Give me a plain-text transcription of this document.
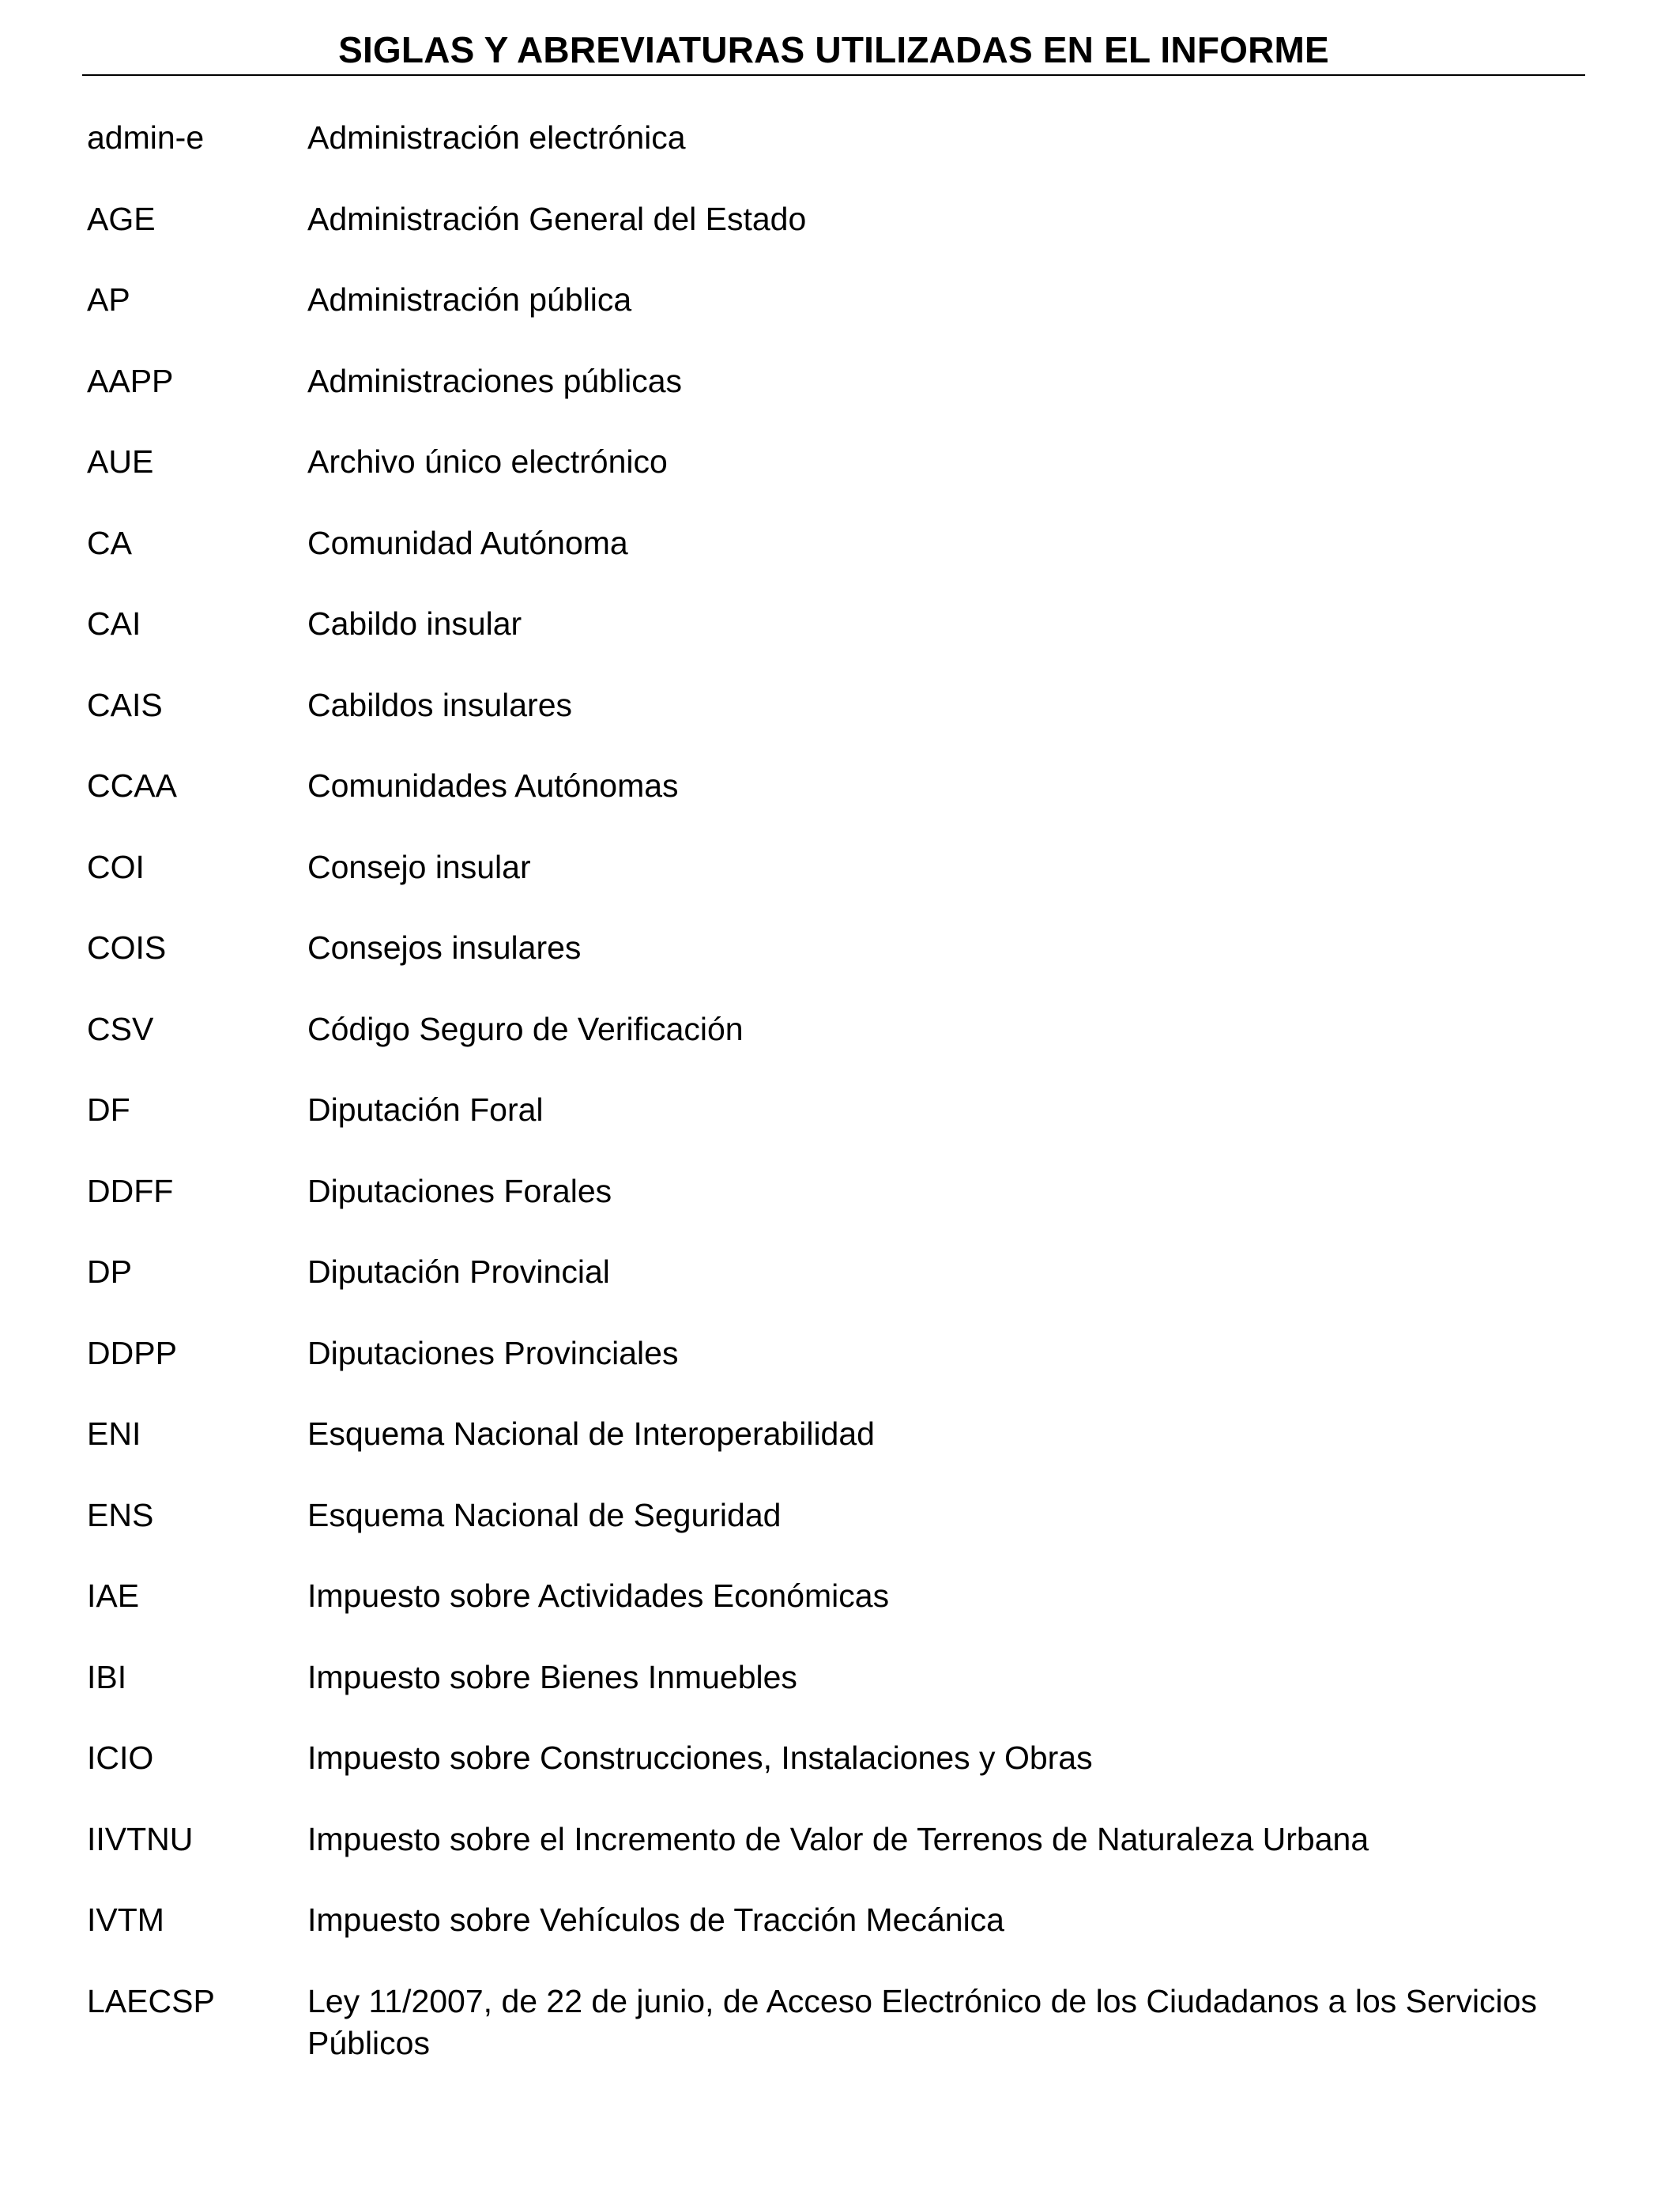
SIGLAS Y ABREVIATURAS UTILIZADAS EN EL INFORME
admin-e	Administración electrónica
AGE	Administración General del Estado
AP	Administración pública
AAPP	Administraciones públicas
AUE	Archivo único electrónico
CA	Comunidad Autónoma
CAI	Cabildo insular
CAIS	Cabildos insulares
CCAA	Comunidades Autónomas
COI	Consejo insular
COIS	Consejos insulares
CSV	Código Seguro de Verificación
DF	Diputación Foral
DDFF	Diputaciones Forales
DP	Diputación Provincial
DDPP	Diputaciones Provinciales
ENI	Esquema Nacional de Interoperabilidad
ENS	Esquema Nacional de Seguridad
IAE	Impuesto sobre Actividades Económicas
IBI	Impuesto sobre Bienes Inmuebles
ICIO	Impuesto sobre Construcciones, Instalaciones y Obras
IIVTNU	Impuesto sobre el Incremento de Valor de Terrenos de Naturaleza Urbana
IVTM	Impuesto sobre Vehículos de Tracción Mecánica
LAECSP	Ley 11/2007, de 22 de junio, de Acceso Electrónico de los Ciudadanos a los Servicios Públicos
